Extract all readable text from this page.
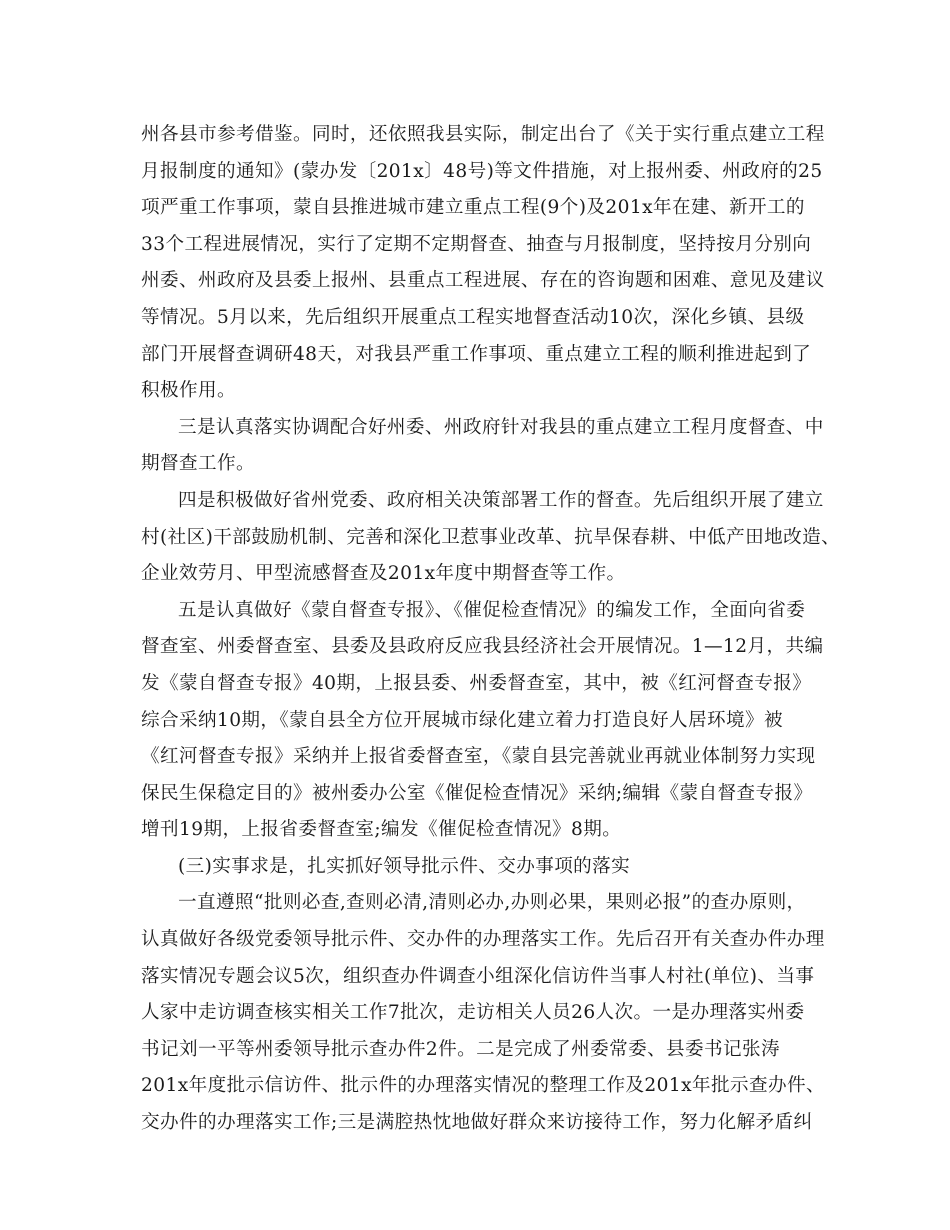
州各县市参考借鉴。同时，还依照我县实际，制定出台了《关于实行重点建立工程
月报制度的通知》(蒙办发〔201x〕48号)等文件措施，对上报州委、州政府的25
项严重工作事项，蒙自县推进城市建立重点工程(9个)及201x年在建、新开工的
33个工程进展情况，实行了定期不定期督查、抽查与月报制度，坚持按月分别向
州委、州政府及县委上报州、县重点工程进展、存在的咨询题和困难、意见及建议
等情况。5月以来，先后组织开展重点工程实地督查活动10次，深化乡镇、县级
部门开展督查调研48天，对我县严重工作事项、重点建立工程的顺利推进起到了
积极作用。
三是认真落实协调配合好州委、州政府针对我县的重点建立工程月度督查、中
期督查工作。
四是积极做好省州党委、政府相关决策部署工作的督查。先后组织开展了建立
村(社区)干部鼓励机制、完善和深化卫惹事业改革、抗旱保春耕、中低产田地改造、
企业效劳月、甲型流感督查及201x年度中期督查等工作。
五是认真做好《蒙自督查专报》、《催促检查情况》的编发工作，全面向省委
督查室、州委督查室、县委及县政府反应我县经济社会开展情况。1—12月，共编
发《蒙自督查专报》40期，上报县委、州委督查室，其中，被《红河督查专报》
综合采纳10期，《蒙自县全方位开展城市绿化建立着力打造良好人居环境》被
《红河督查专报》采纳并上报省委督查室，《蒙自县完善就业再就业体制努力实现
保民生保稳定目的》被州委办公室《催促检查情况》采纳;编辑《蒙自督查专报》
增刊19期，上报省委督查室;编发《催促检查情况》8期。
(三)实事求是，扎实抓好领导批示件、交办事项的落实
一直遵照“批则必查,查则必清,清则必办,办则必果，果则必报”的查办原则，
认真做好各级党委领导批示件、交办件的办理落实工作。先后召开有关查办件办理
落实情况专题会议5次，组织查办件调查小组深化信访件当事人村社(单位)、当事
人家中走访调查核实相关工作7批次，走访相关人员26人次。一是办理落实州委
书记刘一平等州委领导批示查办件2件。二是完成了州委常委、县委书记张涛
201x年度批示信访件、批示件的办理落实情况的整理工作及201x年批示查办件、
交办件的办理落实工作;三是满腔热忱地做好群众来访接待工作，努力化解矛盾纠
